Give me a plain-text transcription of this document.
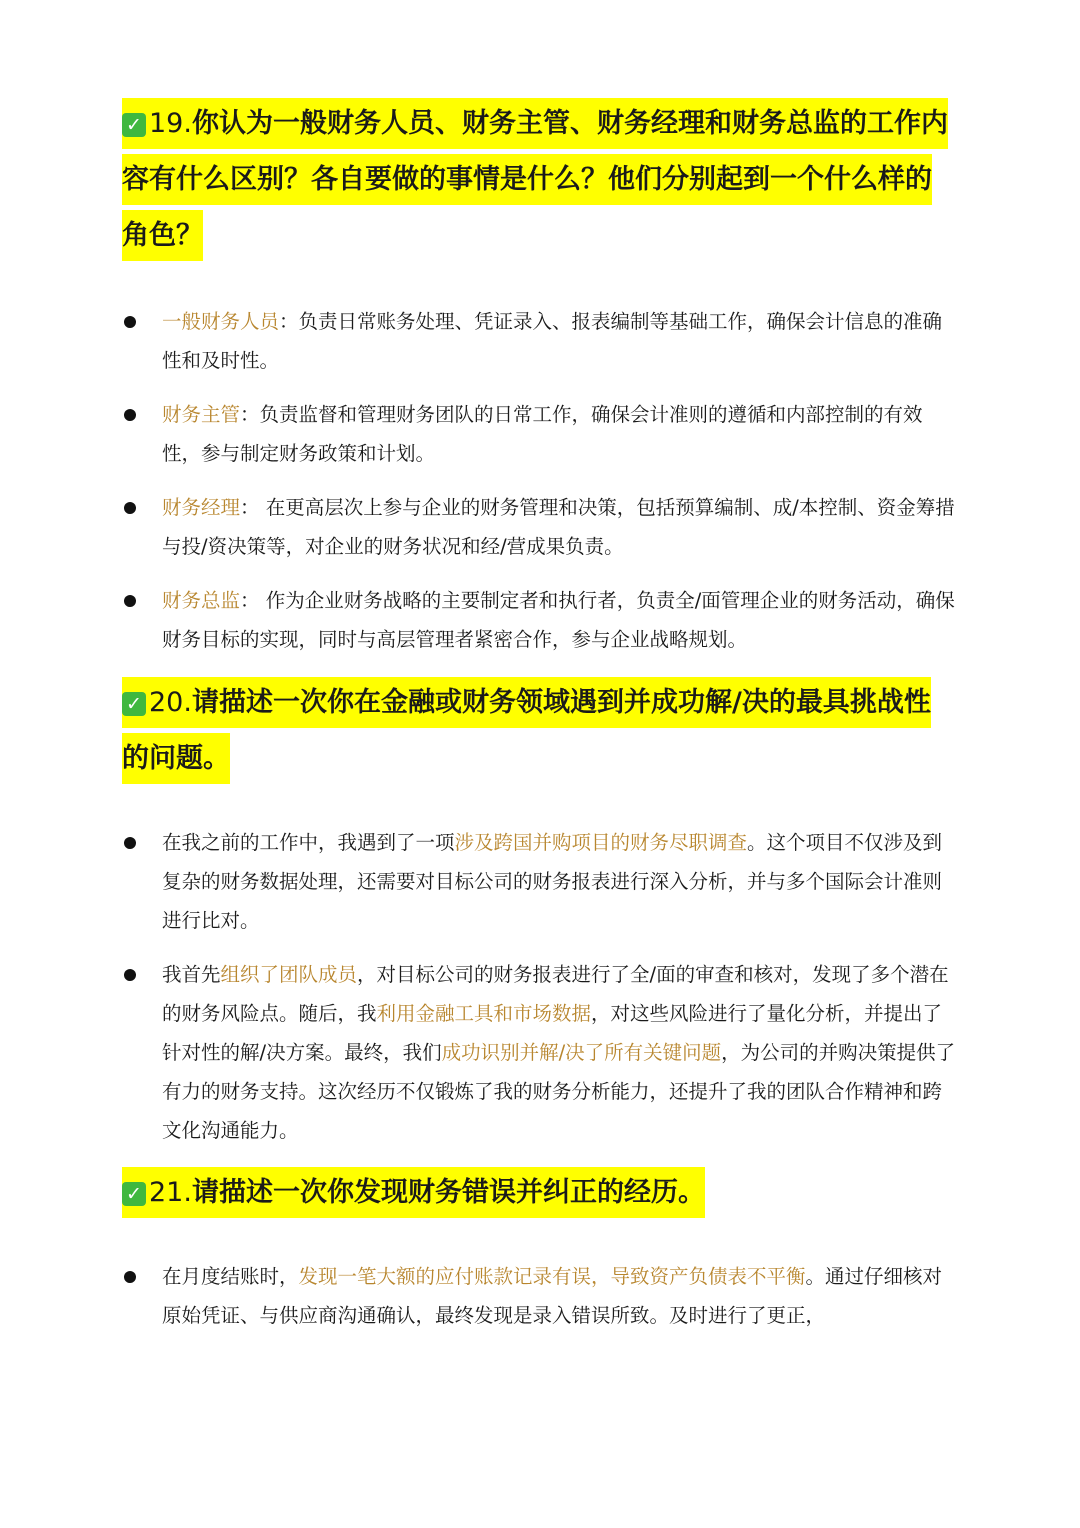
✓ 19.你认为一般财务人员、财务主管、财务经理和财务总监的工作内容有什么区别？各自要做的事情是什么？他们分别起到一个什么样的角色？
一般财务人员：负责日常账务处理、凭证录入、报表编制等基础工作，确保会计信息的准确性和及时性。
财务主管：负责监督和管理财务团队的日常工作，确保会计准则的遵循和内部控制的有效性，参与制定财务政策和计划。
财务经理： 在更高层次上参与企业的财务管理和决策，包括预算编制、成/本控制、资金筹措与投/资决策等，对企业的财务状况和经/营成果负责。
财务总监： 作为企业财务战略的主要制定者和执行者，负责全/面管理企业的财务活动，确保财务目标的实现，同时与高层管理者紧密合作，参与企业战略规划。
✓ 20.请描述一次你在金融或财务领域遇到并成功解/决的最具挑战性的问题。
在我之前的工作中，我遇到了一项涉及跨国并购项目的财务尽职调查。这个项目不仅涉及到复杂的财务数据处理，还需要对目标公司的财务报表进行深入分析，并与多个国际会计准则进行比对。
我首先组织了团队成员，对目标公司的财务报表进行了全/面的审查和核对，发现了多个潜在的财务风险点。随后，我利用金融工具和市场数据，对这些风险进行了量化分析，并提出了针对性的解/决方案。最终，我们成功识别并解/决了所有关键问题，为公司的并购决策提供了有力的财务支持。这次经历不仅锻炼了我的财务分析能力，还提升了我的团队合作精神和跨文化沟通能力。
✓ 21.请描述一次你发现财务错误并纠正的经历。
在月度结账时，发现一笔大额的应付账款记录有误，导致资产负债表不平衡。通过仔细核对原始凭证、与供应商沟通确认，最终发现是录入错误所致。及时进行了更正，
